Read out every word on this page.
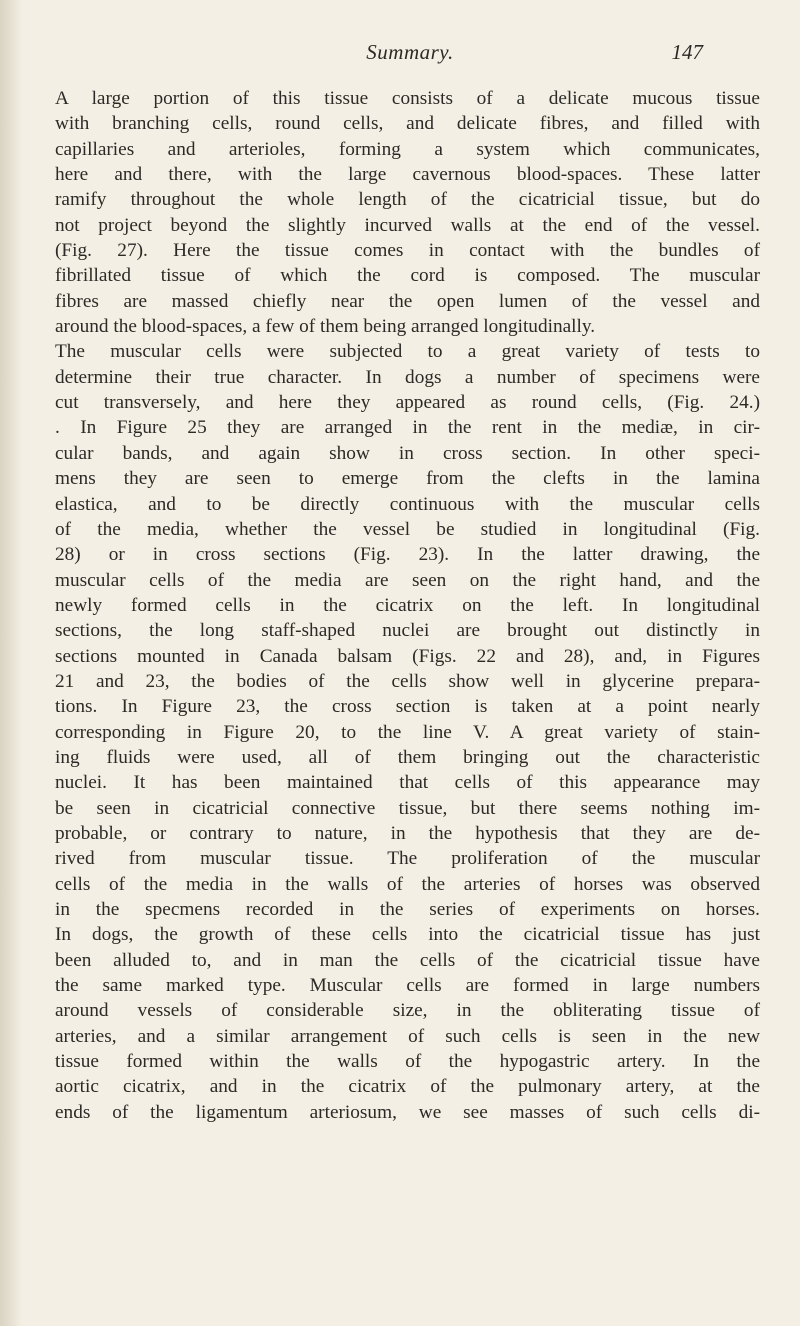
Summary.	147
A large portion of this tissue consists of a delicate mucous tissue
with branching cells, round cells, and delicate fibres, and filled with
capillaries and arterioles, forming a system which communicates,
here and there, with the large cavernous blood-spaces. These latter
ramify throughout the whole length of the cicatricial tissue, but do
not project beyond the slightly incurved walls at the end of the vessel.
(Fig. 27). Here the tissue comes in contact with the bundles of
fibrillated tissue of which the cord is composed. The muscular
fibres are massed chiefly near the open lumen of the vessel and
around the blood-spaces, a few of them being arranged longitudinally.
The muscular cells were subjected to a great variety of tests to
determine their true character. In dogs a number of specimens were
cut transversely, and here they appeared as round cells, (Fig. 24.)
. In Figure 25 they are arranged in the rent in the mediæ, in cir-
cular bands, and again show in cross section. In other speci-
mens they are seen to emerge from the clefts in the lamina
elastica, and to be directly continuous with the muscular cells
of the media, whether the vessel be studied in longitudinal (Fig.
28) or in cross sections (Fig. 23). In the latter drawing, the
muscular cells of the media are seen on the right hand, and the
newly formed cells in the cicatrix on the left. In longitudinal
sections, the long staff-shaped nuclei are brought out distinctly in
sections mounted in Canada balsam (Figs. 22 and 28), and, in Figures
21 and 23, the bodies of the cells show well in glycerine prepara-
tions. In Figure 23, the cross section is taken at a point nearly
corresponding in Figure 20, to the line V. A great variety of stain-
ing fluids were used, all of them bringing out the characteristic
nuclei. It has been maintained that cells of this appearance may
be seen in cicatricial connective tissue, but there seems nothing im-
probable, or contrary to nature, in the hypothesis that they are de-
rived from muscular tissue. The proliferation of the muscular
cells of the media in the walls of the arteries of horses was observed
in the specmens recorded in the series of experiments on horses.
In dogs, the growth of these cells into the cicatricial tissue has just
been alluded to, and in man the cells of the cicatricial tissue have
the same marked type. Muscular cells are formed in large numbers
around vessels of considerable size, in the obliterating tissue of
arteries, and a similar arrangement of such cells is seen in the new
tissue formed within the walls of the hypogastric artery. In the
aortic cicatrix, and in the cicatrix of the pulmonary artery, at the
ends of the ligamentum arteriosum, we see masses of such cells di-
